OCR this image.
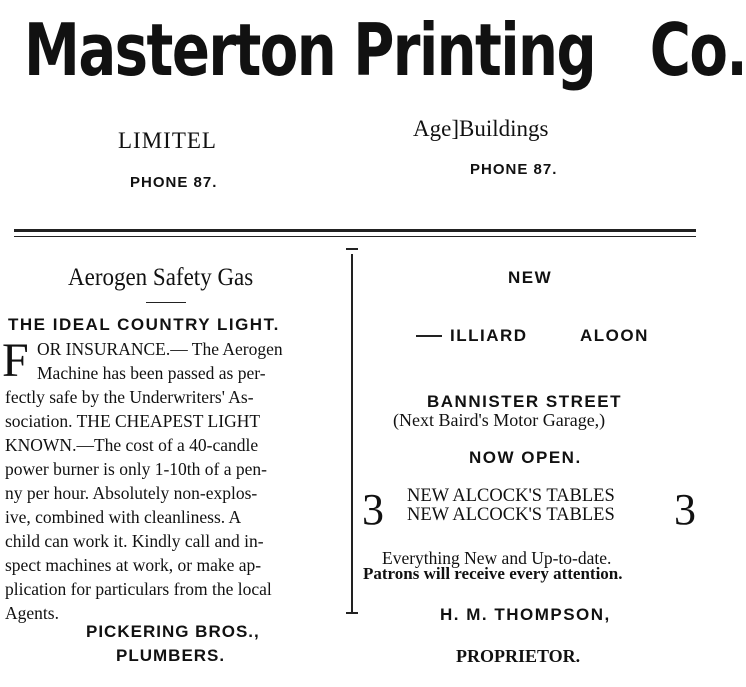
Masterton Printing Co.
LIMITEL	Age]Buildings
PHONE 87.
PHONE 87.
Aerogen Safety Gas
THE IDEAL COUNTRY LIGHT.
F OR INSURANCE.— The Aerogen
Machine has been passed as per-
fectly safe by the Underwriters' As-
sociation. THE CHEAPEST LIGHT
KNOWN.—The cost of a 40-candle
power burner is only 1-10th of a pen-
ny per hour. Absolutely non-explos-
ive, combined with cleanliness. A
child can work it. Kindly call and in-
spect machines at work, or make ap-
plication for particulars from the local
Agents.
PICKERING BROS.,
PLUMBERS.
NEW
ILLIARD	ALOON
BANNISTER STREET
(Next Baird's Motor Garage,)
NOW OPEN.
3	3
NEW ALCOCK'S TABLES
NEW ALCOCK'S TABLES
Everything New and Up-to-date.
Patrons will receive every attention.
H. M. THOMPSON,
PROPRIETOR.
